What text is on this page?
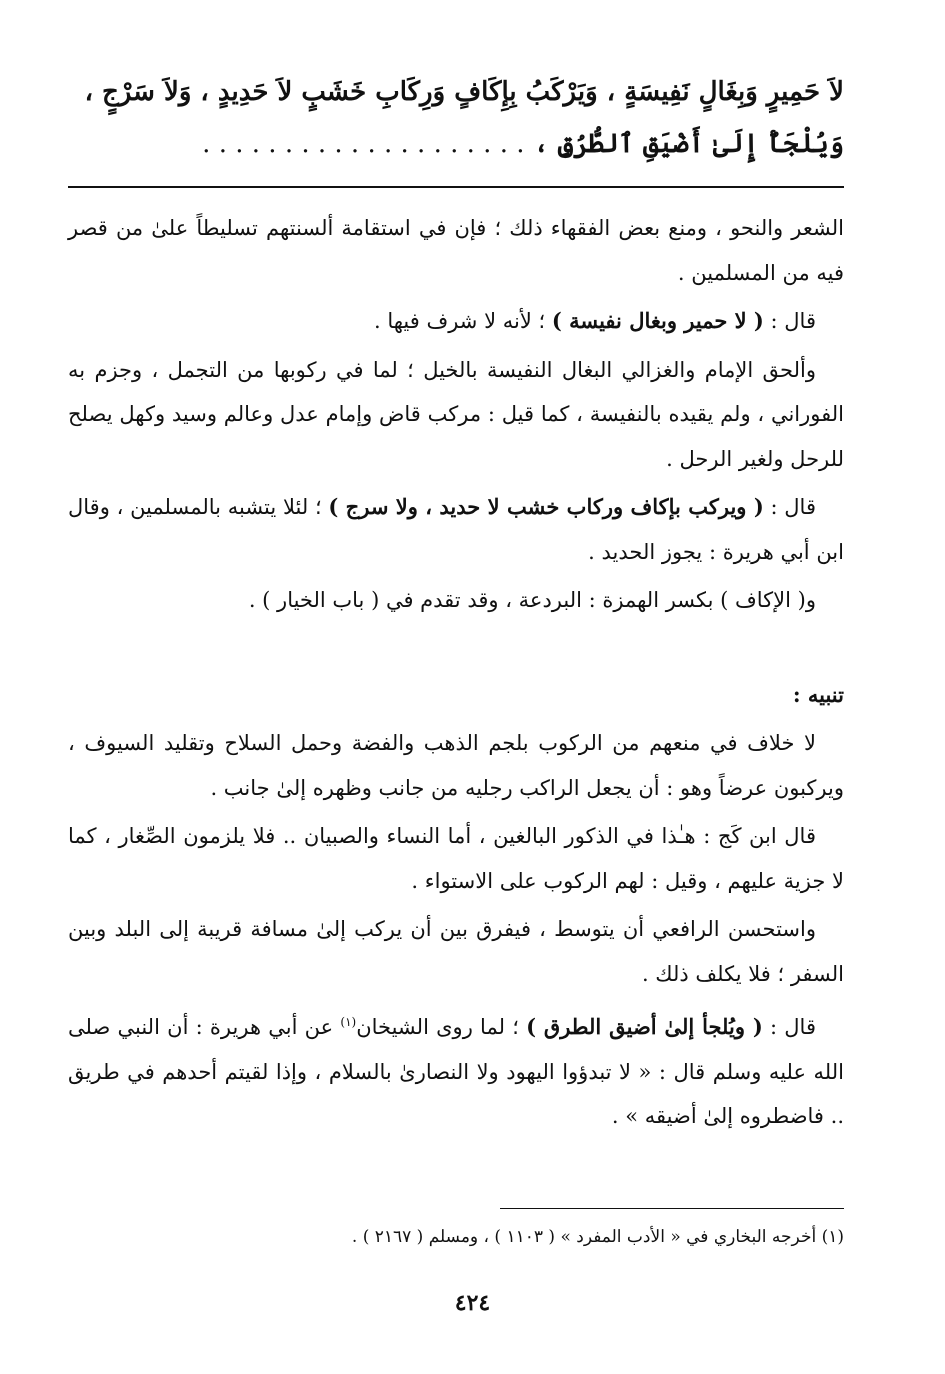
لاَ حَمِيرٍ وَبِغَالٍ نَفِيسَةٍ ، وَيَرْكَبُ بِإِكَافٍ وَرِكَابِ خَشَبٍ لاَ حَدِيدٍ ، وَلاَ سَرْجٍ ،

وَيُلْجَأُ إِلَىٰ أَضْيَقِ ٱلطُّرُقِ ، . . . . . . . . . . . . . . . . . . . .

الشعر والنحو ، ومنع بعض الفقهاء ذلك ؛ فإن في استقامة ألسنتهم تسليطاً علىٰ من قصر فيه من المسلمين .

قال : ( لا حمير وبغال نفيسة ) ؛ لأنه لا شرف فيها .

وألحق الإمام والغزالي البغال النفيسة بالخيل ؛ لما في ركوبها من التجمل ، وجزم به الفوراني ، ولم يقيده بالنفيسة ، كما قيل : مركب قاض وإمام عدل وعالم وسيد وكهل يصلح للرحل ولغير الرحل .

قال : ( ويركب بإكاف وركاب خشب لا حديد ، ولا سرج ) ؛ لئلا يتشبه بالمسلمين ، وقال ابن أبي هريرة : يجوز الحديد .

و( الإكاف ) بكسر الهمزة : البردعة ، وقد تقدم في ( باب الخيار ) .

تنبيه :

لا خلاف في منعهم من الركوب بلجم الذهب والفضة وحمل السلاح وتقليد السيوف ، ويركبون عرضاً وهو : أن يجعل الراكب رجليه من جانب وظهره إلىٰ جانب .

قال ابن كَج : هـٰذا في الذكور البالغين ، أما النساء والصبيان .. فلا يلزمون الصِّغار ، كما لا جزية عليهم ، وقيل : لهم الركوب على الاستواء .

واستحسن الرافعي أن يتوسط ، فيفرق بين أن يركب إلىٰ مسافة قريبة إلى البلد وبين السفر ؛ فلا يكلف ذلك .

قال : ( ويُلجأ إلىٰ أضيق الطرق ) ؛ لما روى الشيخان$^{(١)}$ عن أبي هريرة : أن النبي صلى الله عليه وسلم قال : « لا تبدؤوا اليهود ولا النصارىٰ بالسلام ، وإذا لقيتم أحدهم في طريق .. فاضطروه إلىٰ أضيقه » .

(١) أخرجه البخاري في « الأدب المفرد » ( ١١٠٣ ) ، ومسلم ( ٢١٦٧ ) .
٤٢٤
